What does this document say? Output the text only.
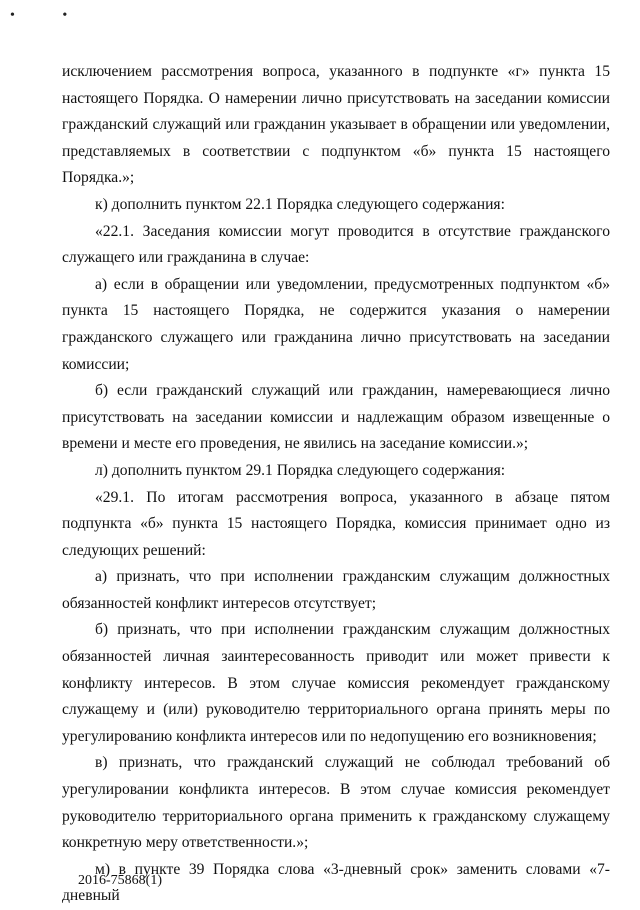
• •

исключением рассмотрения вопроса, указанного в подпункте «г» пункта 15 настоящего Порядка. О намерении лично присутствовать на заседании комиссии гражданский служащий или гражданин указывает в обращении или уведомлении, представляемых в соответствии с подпунктом «б» пункта 15 настоящего Порядка.»;

к) дополнить пунктом 22.1 Порядка следующего содержания:

«22.1. Заседания комиссии могут проводится в отсутствие гражданского служащего или гражданина в случае:

а) если в обращении или уведомлении, предусмотренных подпунктом «б» пункта 15 настоящего Порядка, не содержится указания о намерении гражданского служащего или гражданина лично присутствовать на заседании комиссии;

б) если гражданский служащий или гражданин, намеревающиеся лично присутствовать на заседании комиссии и надлежащим образом извещенные о времени и месте его проведения, не явились на заседание комиссии.»;

л) дополнить пунктом 29.1 Порядка следующего содержания:

«29.1. По итогам рассмотрения вопроса, указанного в абзаце пятом подпункта «б» пункта 15 настоящего Порядка, комиссия принимает одно из следующих решений:

а) признать, что при исполнении гражданским служащим должностных обязанностей конфликт интересов отсутствует;

б) признать, что при исполнении гражданским служащим должностных обязанностей личная заинтересованность приводит или может привести к конфликту интересов. В этом случае комиссия рекомендует гражданскому служащему и (или) руководителю территориального органа принять меры по урегулированию конфликта интересов или по недопущению его возникновения;

в) признать, что гражданский служащий не соблюдал требований об урегулировании конфликта интересов. В этом случае комиссия рекомендует руководителю территориального органа применить к гражданскому служащему конкретную меру ответственности.»;

м) в пункте 39 Порядка слова «3-дневный срок» заменить словами «7-дневный

2016-75868(1)
